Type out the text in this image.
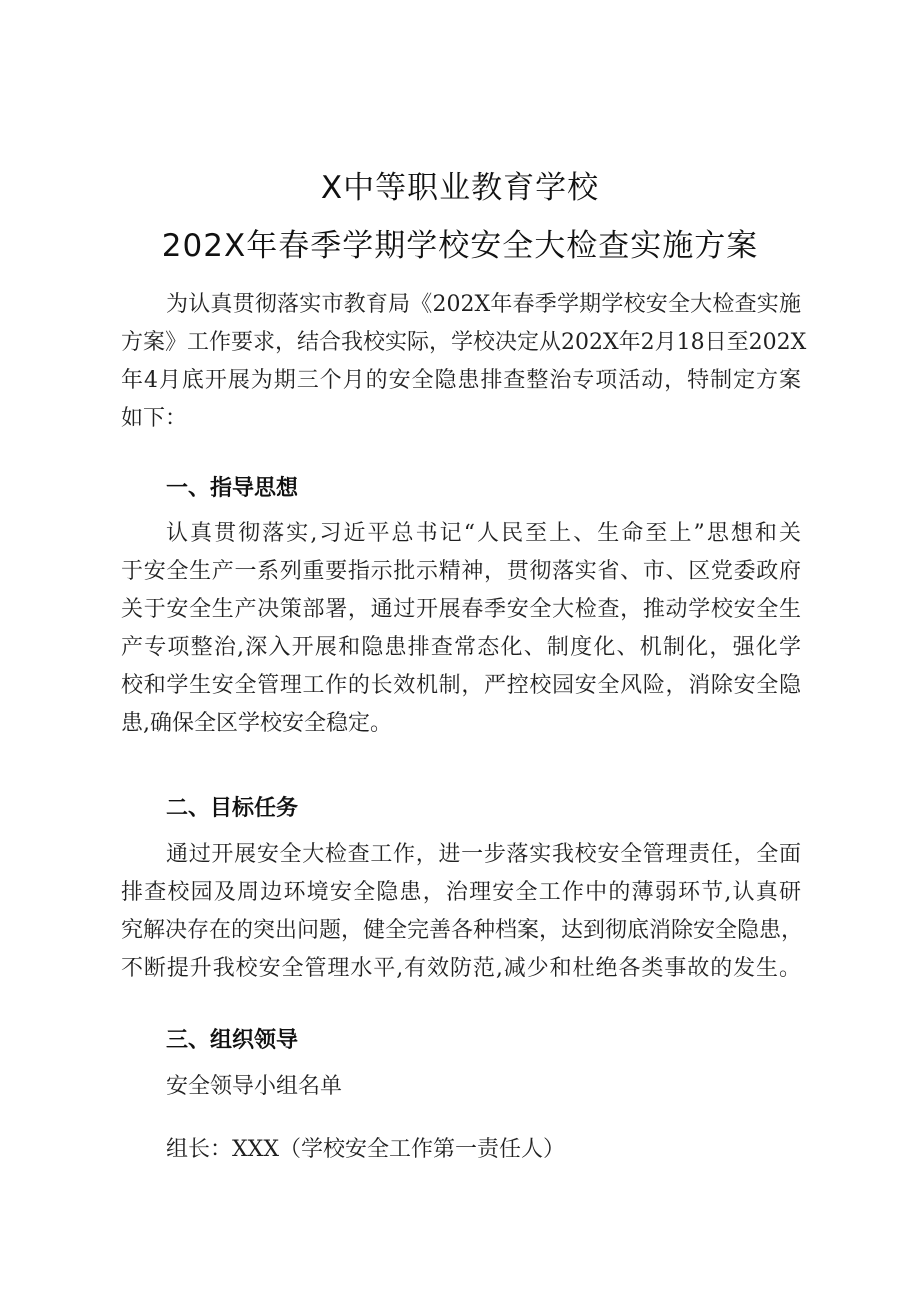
X中等职业教育学校
202X年春季学期学校安全大检查实施方案
为认真贯彻落实市教育局《202X年春季学期学校安全大检查实施
方案》工作要求，结合我校实际，学校决定从202X年2月18日至202X
年4月底开展为期三个月的安全隐患排查整治专项活动，特制定方案
如下：
一、指导思想
认真贯彻落实,习近平总书记“人民至上、生命至上”思想和关
于安全生产一系列重要指示批示精神，贯彻落实省、市、区党委政府
关于安全生产决策部署，通过开展春季安全大检查，推动学校安全生
产专项整治,深入开展和隐患排查常态化、制度化、机制化，强化学
校和学生安全管理工作的长效机制，严控校园安全风险，消除安全隐
患,确保全区学校安全稳定。
二、目标任务
通过开展安全大检查工作，进一步落实我校安全管理责任，全面
排查校园及周边环境安全隐患，治理安全工作中的薄弱环节,认真研
究解决存在的突出问题，健全完善各种档案，达到彻底消除安全隐患，
不断提升我校安全管理水平,有效防范,减少和杜绝各类事故的发生。
三、组织领导
安全领导小组名单
组长：XXX（学校安全工作第一责任人）
